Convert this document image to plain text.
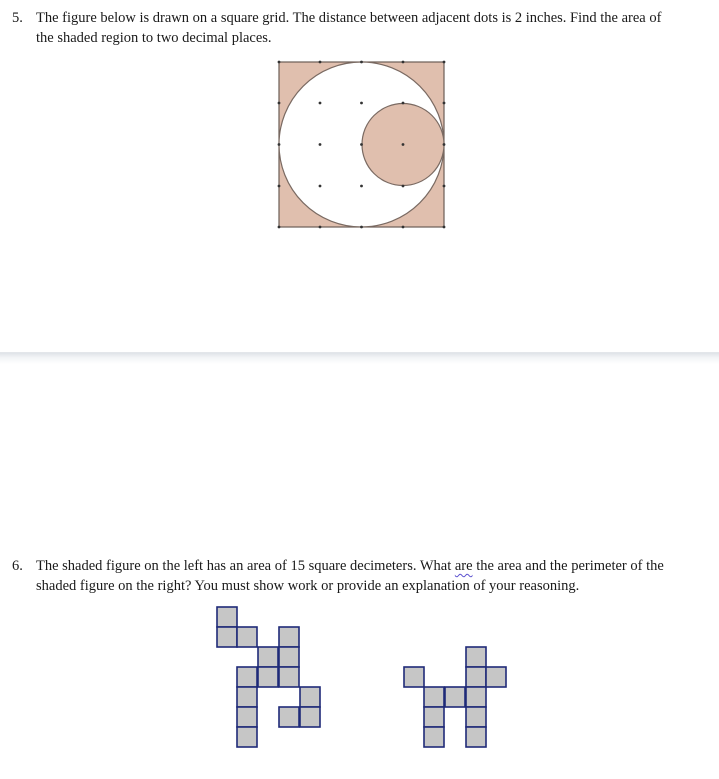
5. The figure below is drawn on a square grid. The distance between adjacent dots is 2 inches. Find the area of
the shaded region to two decimal places.
6. The shaded figure on the left has an area of 15 square decimeters. What are the area and the perimeter of the
shaded figure on the right? You must show work or provide an explanation of your reasoning.
